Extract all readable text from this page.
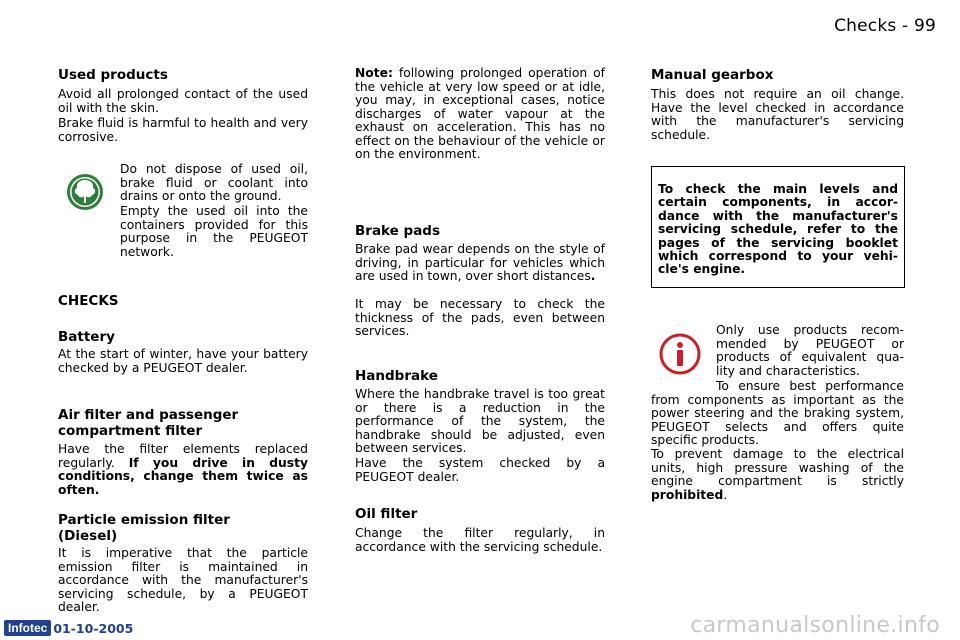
Checks - 99
Used products

Avoid all prolonged contact of the used oil with the skin.

Brake fluid is harmful to health and very corrosive.

Do not dispose of used oil, brake fluid or coolant into drains or onto the ground.

Empty the used oil into the containers provided for this purpose in the PEUGEOT network.

CHECKS
Battery

At the start of winter, have your battery checked by a PEUGEOT dealer.

Air filter and passenger compartment filter

Have the filter elements replaced regularly. If you drive in dusty conditions, change them twice as often.

Particle emission filter (Diesel)

It is imperative that the particle emission filter is maintained in accordance with the manufacturer's servicing schedule, by a PEUGEOT dealer.

Note: following prolonged operation of the vehicle at very low speed or at idle, you may, in exceptional cases, notice discharges of water vapour at the exhaust on acceleration. This has no effect on the behaviour of the vehicle or on the environment.

Brake pads

Brake pad wear depends on the style of driving, in particular for vehicles which are used in town, over short distances.

It may be necessary to check the thickness of the pads, even between services.

Handbrake

Where the handbrake travel is too great or there is a reduction in the performance of the system, the handbrake should be adjusted, even between services.

Have the system checked by a PEUGEOT dealer.

Oil filter

Change the filter regularly, in accordance with the servicing schedule.

Manual gearbox

This does not require an oil change. Have the level checked in accordance with the manufacturer's servicing schedule.

To check the main levels and certain components, in accor-dance with the manufacturer's servicing schedule, refer to the pages of the servicing booklet which correspond to your vehi-cle's engine.

Only use products recom-mended by PEUGEOT or products of equivalent qua-lity and characteristics.

To ensure best performance from components as important as the power steering and the braking system, PEUGEOT selects and offers quite specific products.

To prevent damage to the electrical units, high pressure washing of the engine compartment is strictly prohibited.

Infotec 01-10-2005	carmanualsonline.info
